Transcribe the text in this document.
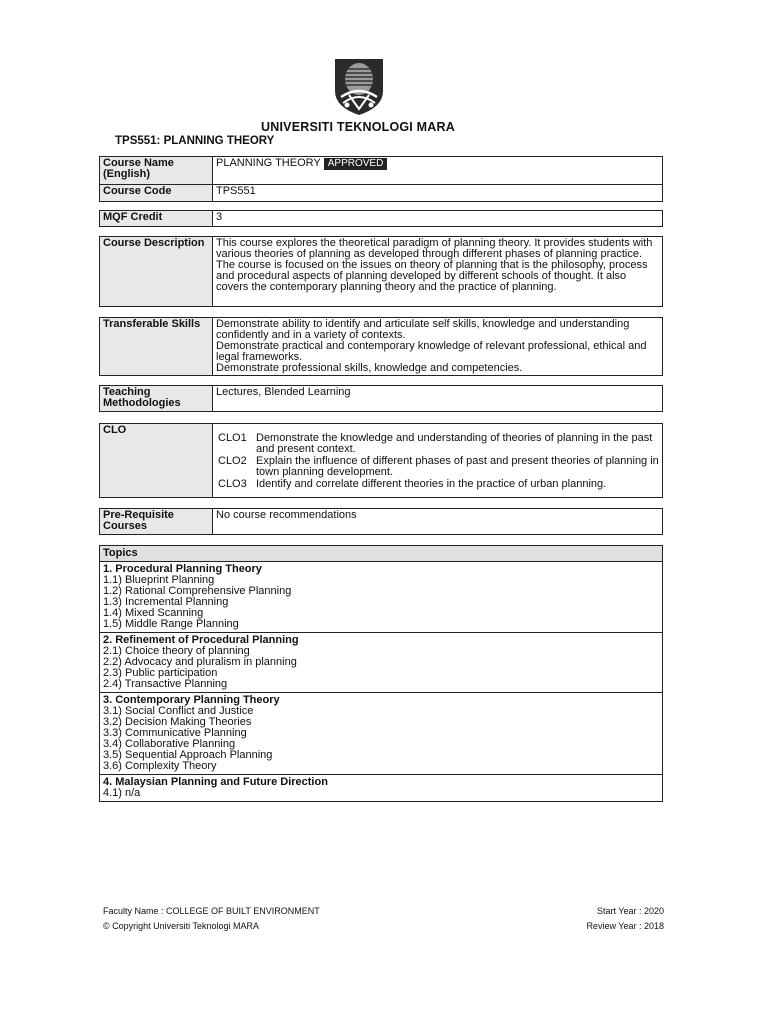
UNIVERSITI TEKNOLOGI MARA
TPS551: PLANNING THEORY
Course Name (English)	PLANNING THEORY APPROVED
Course Code	TPS551
MQF Credit	3
Course Description	This course explores the theoretical paradigm of planning theory. It provides students with various theories of planning as developed through different phases of planning practice. The course is focused on the issues on theory of planning that is the philosophy, process and procedural aspects of planning developed by different schools of thought. It also covers the contemporary planning theory and the practice of planning.
Transferable Skills	Demonstrate ability to identify and articulate self skills, knowledge and understanding confidently and in a variety of contexts.

Demonstrate practical and contemporary knowledge of relevant professional, ethical and legal frameworks.

Demonstrate professional skills, knowledge and competencies.

Teaching Methodologies	Lectures, Blended Learning
CLO	
CLO1	Demonstrate the knowledge and understanding of theories of planning in the past and present context.
CLO2	Explain the influence of different phases of past and present theories of planning in town planning development.
CLO3	Identify and correlate different theories in the practice of urban planning.
Pre-Requisite Courses	No course recommendations
Topics

1. Procedural Planning Theory
1.1) Blueprint Planning
1.2) Rational Comprehensive Planning
1.3) Incremental Planning
1.4) Mixed Scanning
1.5) Middle Range Planning

2. Refinement of Procedural Planning
2.1) Choice theory of planning
2.2) Advocacy and pluralism in planning
2.3) Public participation
2.4) Transactive Planning

3. Contemporary Planning Theory
3.1) Social Conflict and Justice
3.2) Decision Making Theories
3.3) Communicative Planning
3.4) Collaborative Planning
3.5) Sequential Approach Planning
3.6) Complexity Theory

4. Malaysian Planning and Future Direction
4.1) n/a
Faculty Name : COLLEGE OF BUILT ENVIRONMENT
© Copyright Universiti Teknologi MARA
Start Year : 2020
Review Year : 2018
